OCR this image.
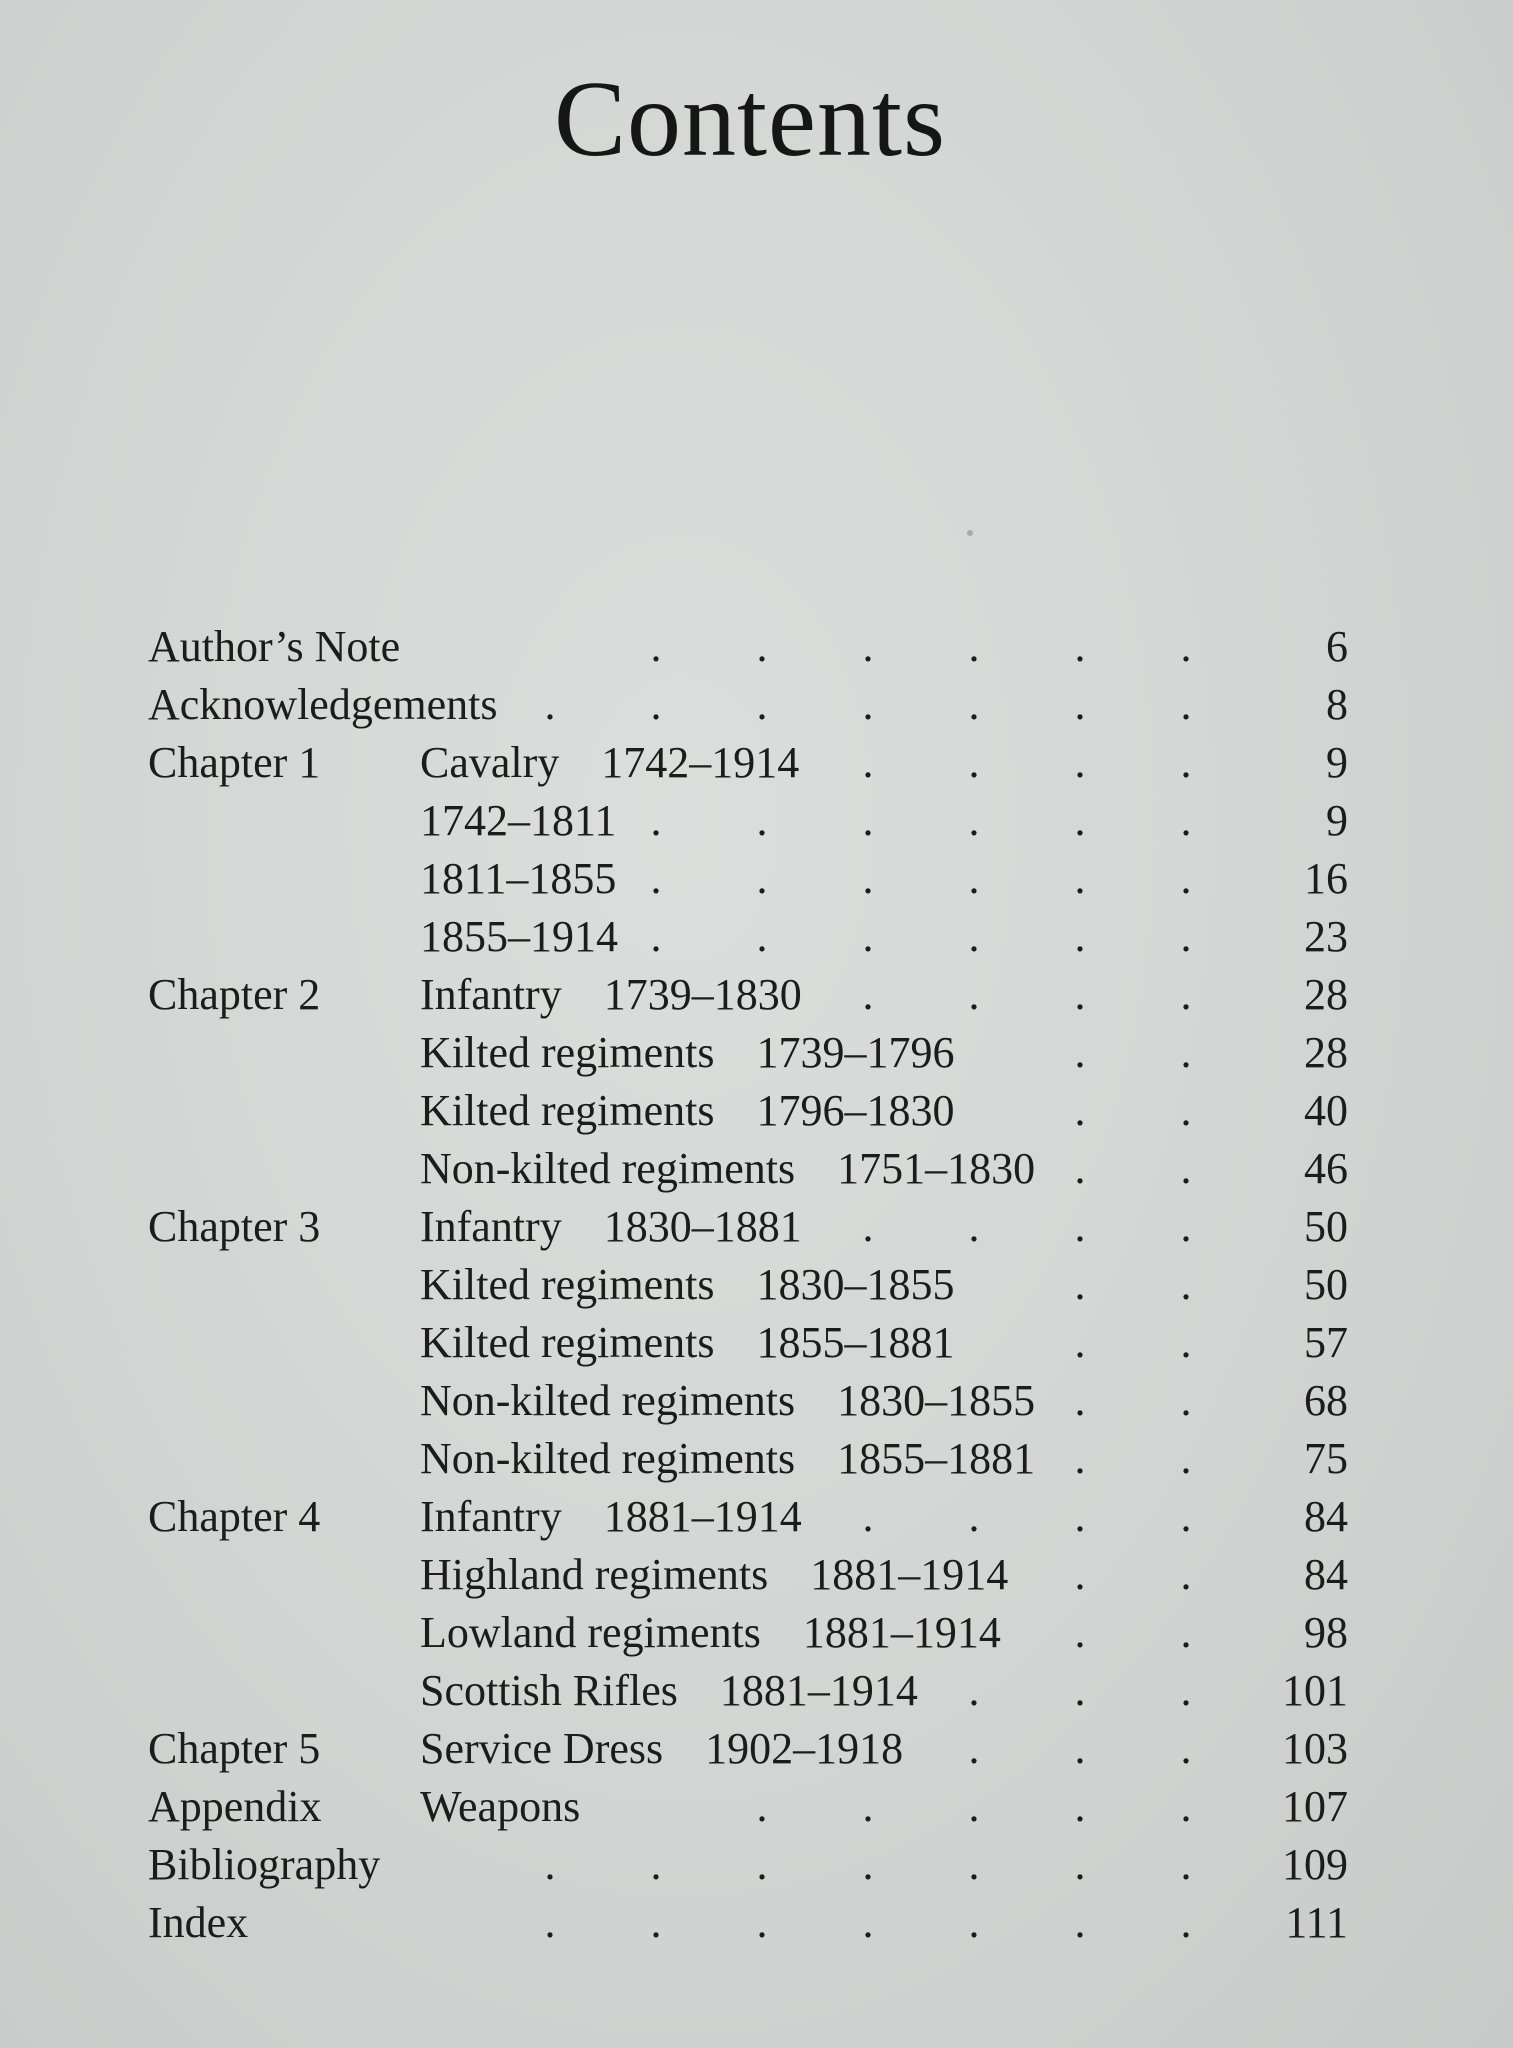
Contents
. . . . . .
Author’s Note	6
. . . . . . .
Acknowledgements	8
. . . .
Chapter 1 Cavalry 1742–1914	9
. . . . . .
1742–1811	9
. . . . . .
1811–1855	16
. . . . . .
1855–1914	23
. . . .
Chapter 2 Infantry 1739–1830	28
. .
Kilted regiments 1739–1796	28
. .
Kilted regiments 1796–1830	40
. .
Non-kilted regiments 1751–1830	46
. . . .
Chapter 3 Infantry 1830–1881	50
. .
Kilted regiments 1830–1855	50
. .
Kilted regiments 1855–1881	57
. .
Non-kilted regiments 1830–1855	68
. .
Non-kilted regiments 1855–1881	75
. . . .
Chapter 4 Infantry 1881–1914	84
. .
Highland regiments 1881–1914	84
. .
Lowland regiments 1881–1914	98
. . .
Scottish Rifles 1881–1914	101
. . .
Chapter 5 Service Dress 1902–1918	103
. . . . .
Appendix Weapons	107
. . . . . . .
Bibliography	109
. . . . . . .
Index	111
